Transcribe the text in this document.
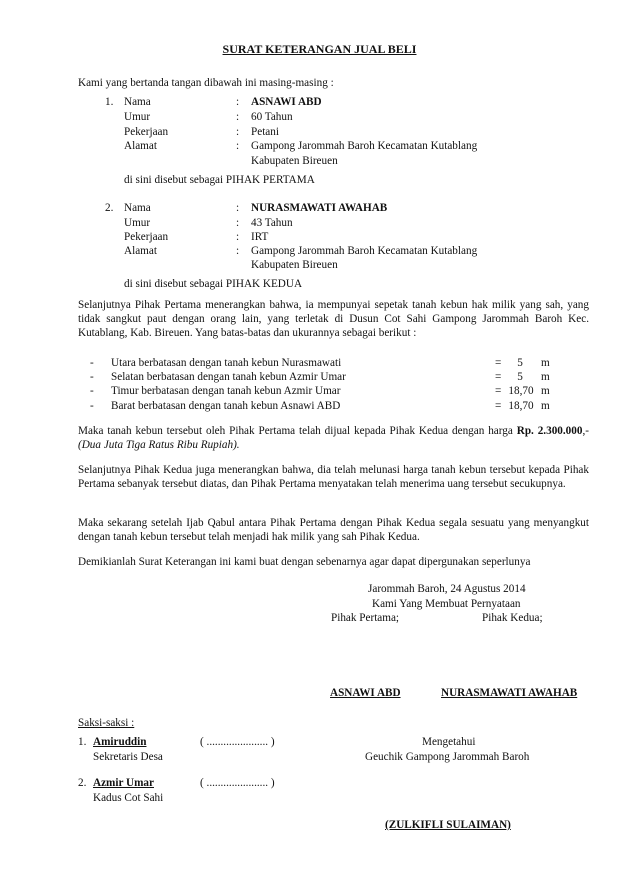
SURAT KETERANGAN JUAL BELI
Kami yang bertanda tangan dibawah ini masing-masing :
1. Nama	: ASNAWI ABD
Umur	: 60 Tahun
Pekerjaan	: Petani
Alamat	: Gampong Jarommah Baroh Kecamatan Kutablang
Kabupaten Bireuen
di sini disebut sebagai PIHAK PERTAMA
2. Nama	: NURASMAWATI AWAHAB
Umur	: 43 Tahun
Pekerjaan	: IRT
Alamat	: Gampong Jarommah Baroh Kecamatan Kutablang
Kabupaten Bireuen
di sini disebut sebagai PIHAK KEDUA
Selanjutnya Pihak Pertama menerangkan bahwa, ia mempunyai sepetak tanah kebun hak milik yang sah, yang tidak sangkut paut dengan orang lain, yang terletak di Dusun Cot Sahi Gampong Jarommah Baroh Kec. Kutablang, Kab. Bireuen. Yang batas-batas dan ukurannya sebagai berikut :
- Utara berbatasan dengan tanah kebun Nurasmawati	=	5	m
- Selatan berbatasan dengan tanah kebun Azmir Umar	=	5	m
- Timur berbatasan dengan tanah kebun Azmir Umar	= 18,70 m
- Barat berbatasan dengan tanah kebun Asnawi ABD	= 18,70 m
Maka tanah kebun tersebut oleh Pihak Pertama telah dijual kepada Pihak Kedua dengan harga Rp. 2.300.000,- (Dua Juta Tiga Ratus Ribu Rupiah).
Selanjutnya Pihak Kedua juga menerangkan bahwa, dia telah melunasi harga tanah kebun tersebut kepada Pihak Pertama sebanyak tersebut diatas, dan Pihak Pertama menyatakan telah menerima uang tersebut secukupnya.
Maka sekarang setelah Ijab Qabul antara Pihak Pertama dengan Pihak Kedua segala sesuatu yang menyangkut dengan tanah kebun tersebut telah menjadi hak milik yang sah Pihak Kedua.
Demikianlah Surat Keterangan ini kami buat dengan sebenarnya agar dapat dipergunakan seperlunya
Jarommah Baroh, 24 Agustus 2014
Kami Yang Membuat Pernyataan
Pihak Pertama;	Pihak Kedua;
ASNAWI ABD	NURASMAWATI AWAHAB
Saksi-saksi :
1. Amiruddin	( ...................... )
Sekretaris Desa
Mengetahui
Geuchik Gampong Jarommah Baroh
2. Azmir Umar	( ...................... )
Kadus Cot Sahi
(ZULKIFLI SULAIMAN)
